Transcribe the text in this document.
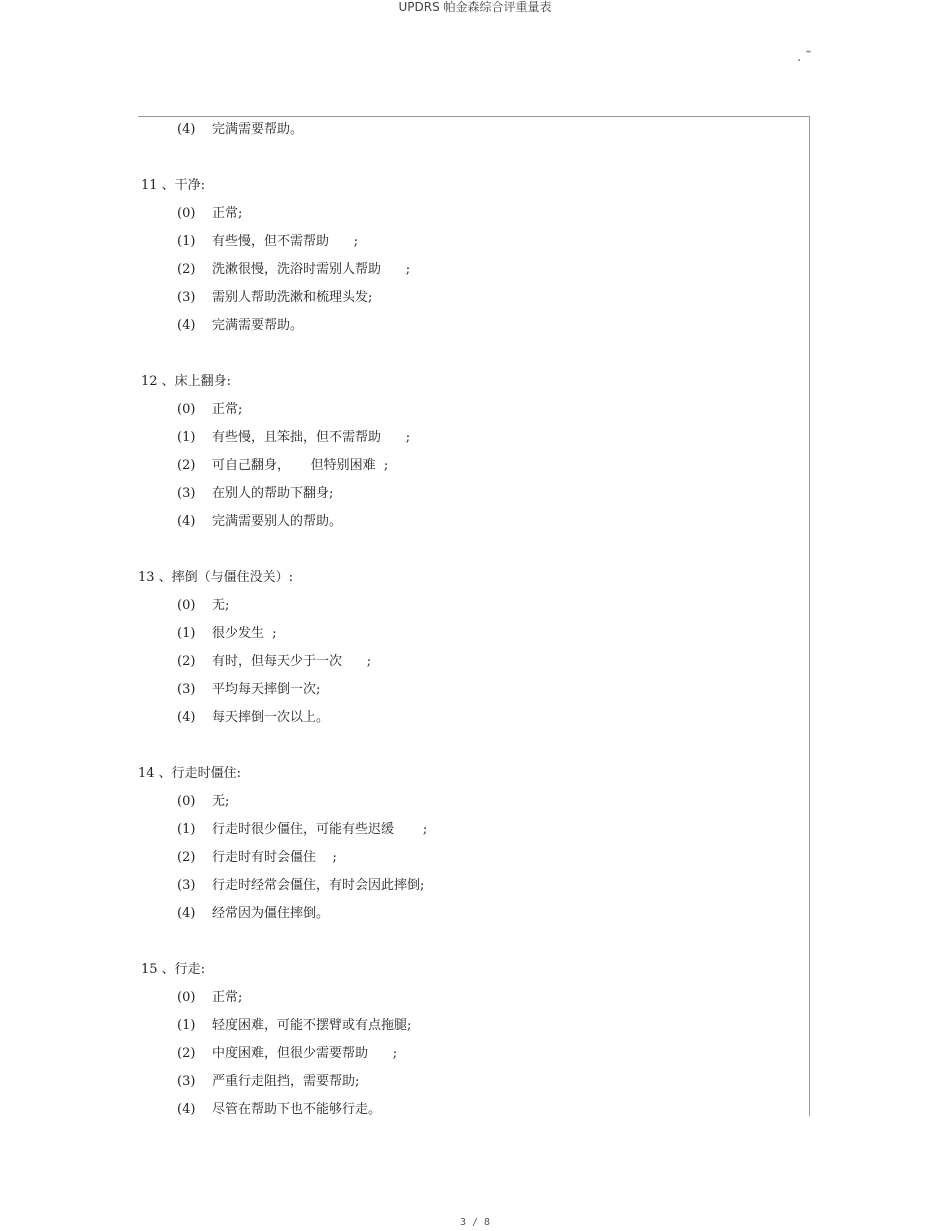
UPDRS 帕金森综合评重量表
. ˜
(4) 完满需要帮助。
11 、干净:
(0) 正常;
(1) 有些慢，但不需帮助      ;
(2) 洗漱很慢，洗浴时需别人帮助      ;
(3) 需别人帮助洗漱和梳理头发;
(4) 完满需要帮助。
12 、床上翻身:
(0) 正常;
(1) 有些慢，且笨拙，但不需帮助      ;
(2) 可自己翻身，     但特别困难  ;
(3) 在别人的帮助下翻身;
(4) 完满需要别人的帮助。
13 、摔倒（与僵住没关）:
(0) 无;
(1) 很少发生  ;
(2) 有时，但每天少于一次      ;
(3) 平均每天摔倒一次;
(4) 每天摔倒一次以上。
14 、行走时僵住:
(0) 无;
(1) 行走时很少僵住，可能有些迟缓       ;
(2) 行走时有时会僵住    ;
(3) 行走时经常会僵住，有时会因此摔倒;
(4) 经常因为僵住摔倒。
15 、行走:
(0) 正常;
(1) 轻度困难，可能不摆臂或有点拖腿;
(2) 中度困难，但很少需要帮助      ;
(3) 严重行走阻挡，需要帮助;
(4) 尽管在帮助下也不能够行走。
3 / 8
